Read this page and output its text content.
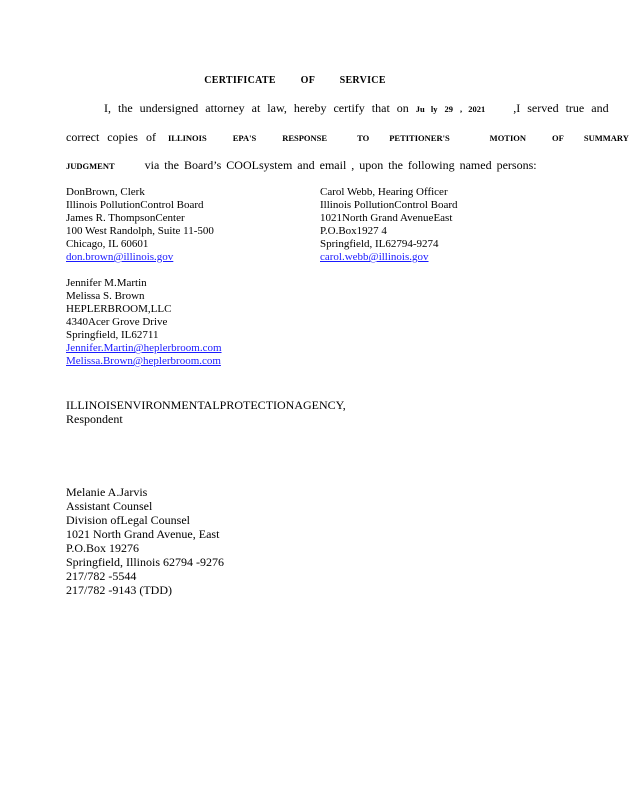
CERTIFICATE OF SERVICE
I, the undersigned attorney at law, hereby certify that on Ju ly 29 , 2021 ,I served true and
correct copies of ILLINOIS	EPA'S	RESPONSE	TO PETITIONER'S	MOTION	OF SUMMARY
JUDGMENT	via the Board’s COOLsystem and email , upon the following named persons:
DonBrown, Clerk
Illinois PollutionControl Board
James R. ThompsonCenter
100 West Randolph, Suite 11-500
Chicago, IL 60601
don.brown@illinois.gov
Carol Webb, Hearing Officer
Illinois PollutionControl Board
1021North Grand AvenueEast
P.O.Box1927 4
Springfield, IL62794-9274
carol.webb@illinois.gov
Jennifer M.Martin
Melissa S. Brown
HEPLERBROOM,LLC
4340Acer Grove Drive
Springfield, IL62711
Jennifer.Martin@heplerbroom.com
Melissa.Brown@heplerbroom.com
ILLINOISENVIRONMENTALPROTECTIONAGENCY,
Respondent
Melanie A.Jarvis
Assistant Counsel
Division ofLegal Counsel
1021 North Grand Avenue, East
P.O.Box 19276
Springfield, Illinois 62794 -9276
217/782 -5544
217/782 -9143 (TDD)
